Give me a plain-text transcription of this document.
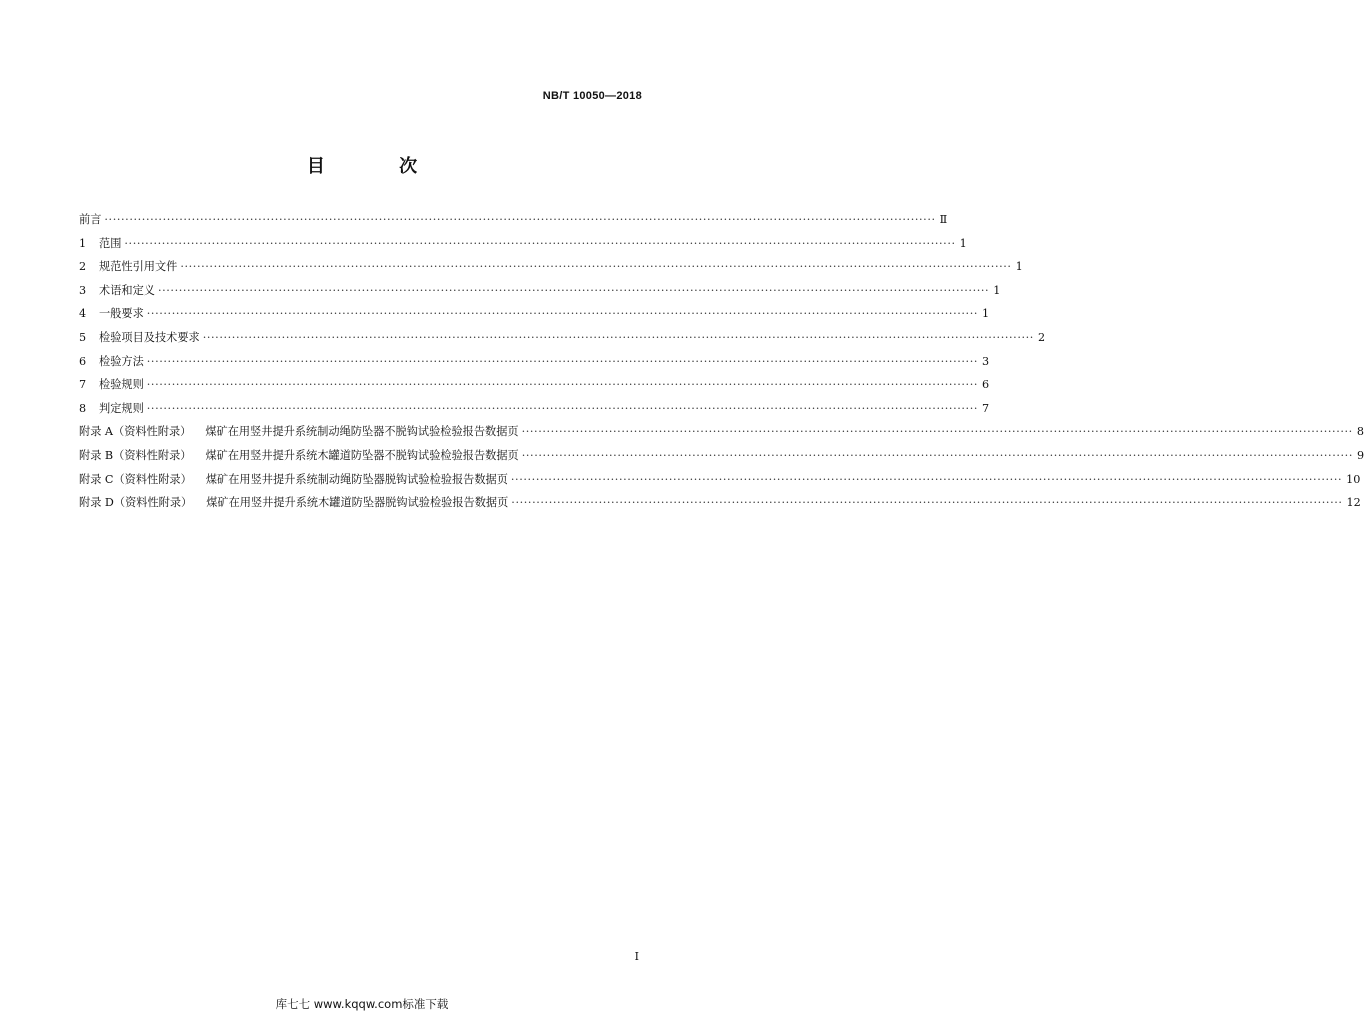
NB/T 10050—2018
目 次
前言 ········································································································································································································ Ⅱ
1 范围 ········································································································································································································ 1
2 规范性引用文件 ········································································································································································································ 1
3 术语和定义 ········································································································································································································ 1
4 一般要求 ········································································································································································································ 1
5 检验项目及技术要求 ········································································································································································································ 2
6 检验方法 ········································································································································································································ 3
7 检验规则 ········································································································································································································ 6
8 判定规则 ········································································································································································································ 7
附录 A（资料性附录） 煤矿在用竖井提升系统制动绳防坠器不脱钩试验检验报告数据页 ········································································································································································································ 8
附录 B（资料性附录） 煤矿在用竖井提升系统木罐道防坠器不脱钩试验检验报告数据页 ········································································································································································································ 9
附录 C（资料性附录） 煤矿在用竖井提升系统制动绳防坠器脱钩试验检验报告数据页 ········································································································································································································ 10
附录 D（资料性附录） 煤矿在用竖井提升系统木罐道防坠器脱钩试验检验报告数据页 ········································································································································································································ 12
I
库七七 www.kqqw.com标准下载
